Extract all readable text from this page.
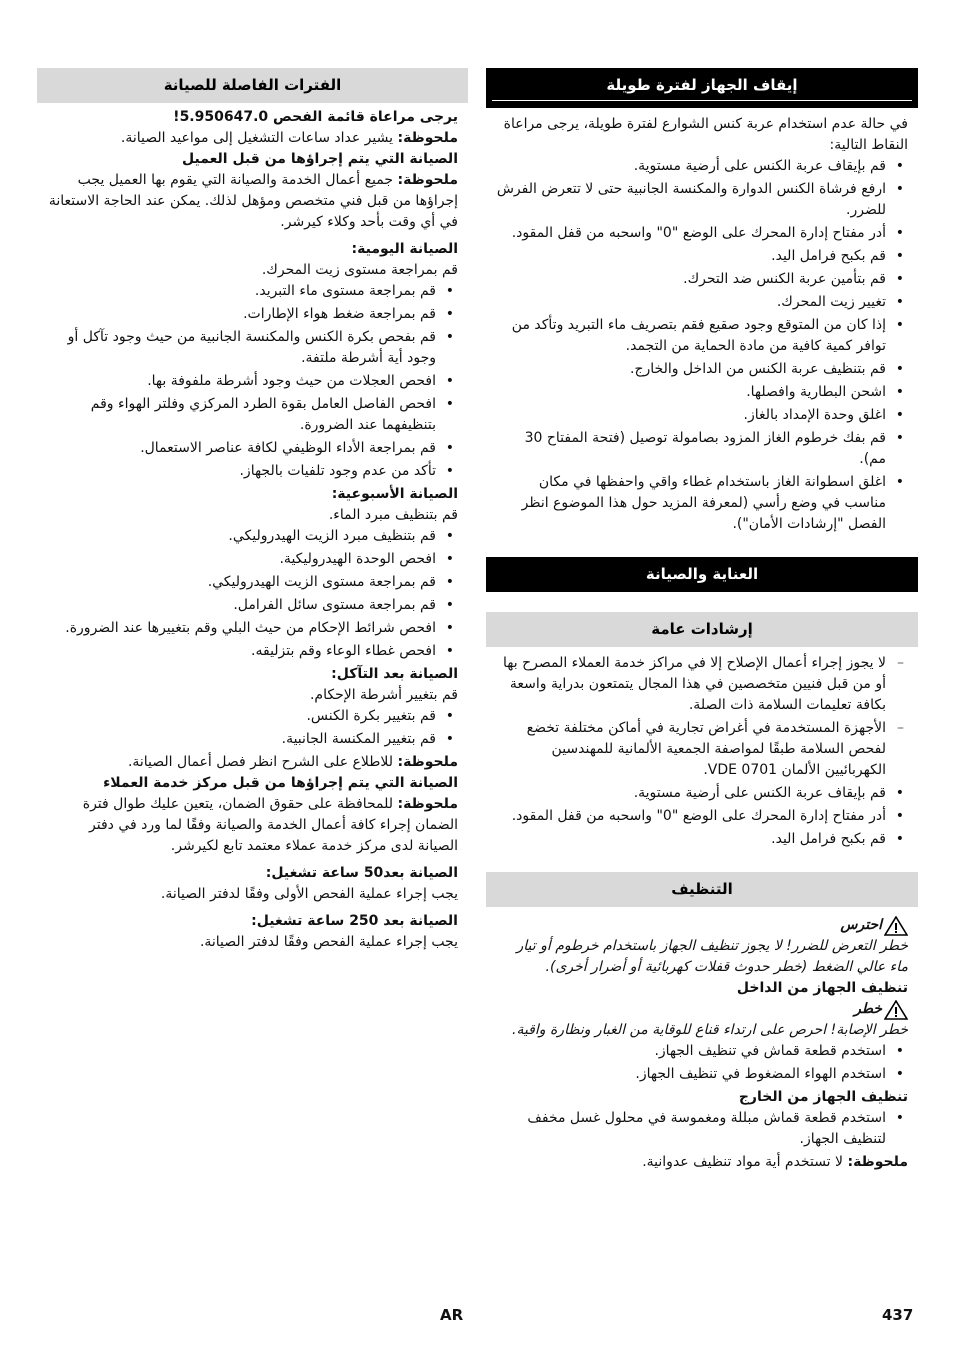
إيقاف الجهاز لفترة طويلة

في حالة عدم استخدام عربة كنس الشوارع لفترة طويلة، يرجى مراعاة النقاط التالية:

• قم بإيقاف عربة الكنس على أرضية مستوية.
• ارفع فرشاة الكنس الدوارة والمكنسة الجانبية حتى لا تتعرض الفرش للضرر.
• أدر مفتاح إدارة المحرك على الوضع "0" واسحبه من قفل المقود.
• قم بكبح فرامل اليد.
• قم بتأمين عربة الكنس ضد التحرك.
• تغيير زيت المحرك.
• إذا كان من المتوقع وجود صقيع فقم بتصريف ماء التبريد وتأكد من توافر كمية كافية من مادة الحماية من التجمد.
• قم بتنظيف عربة الكنس من الداخل والخارج.
• اشحن البطارية وافصلها.
• اغلق وحدة الإمداد بالغاز.
• قم بفك خرطوم الغاز المزود بصامولة توصيل (فتحة المفتاح 30 مم).
• اغلق اسطوانة الغاز باستخدام غطاء واقي واحفظها في مكان مناسب في وضع رأسي (لمعرفة المزيد حول هذا الموضوع انظر الفصل "إرشادات الأمان").
العناية والصيانة
إرشادات عامة
– لا يجوز إجراء أعمال الإصلاح إلا في مراكز خدمة العملاء المصرح بها أو من قبل فنيين متخصصين في هذا المجال يتمتعون بدراية واسعة بكافة تعليمات السلامة ذات الصلة.
– الأجهزة المستخدمة في أغراض تجارية في أماكن مختلفة تخضع لفحص السلامة طبقًا لمواصفة الجمعية الألمانية للمهندسين الكهربائيين الألمان VDE 0701.
• قم بإيقاف عربة الكنس على أرضية مستوية.
• أدر مفتاح إدارة المحرك على الوضع "0" واسحبه من قفل المقود.
• قم بكبح فرامل اليد.
التنظيف
احترس

خطر التعرض للضرر! لا يجوز تنظيف الجهاز باستخدام خرطوم أو تيار ماء عالي الضغط (خطر حدوث قفلات كهربائية أو أضرار أخرى).

تنظيف الجهاز من الداخل

خطر

خطر الإصابة! احرص على ارتداء قناع للوقاية من الغبار ونظارة واقية.

• استخدم قطعة قماش في تنظيف الجهاز.
• استخدم الهواء المضغوط في تنظيف الجهاز.

تنظيف الجهاز من الخارج

• استخدم قطعة قماش مبللة ومغموسة في محلول غسل مخفف لتنظيف الجهاز.

ملحوظة: لا تستخدم أية مواد تنظيف عدوانية.

الفترات الفاصلة للصيانة

يرجى مراعاة قائمة الفحص 5.950647.0!

ملحوظة: يشير عداد ساعات التشغيل إلى مواعيد الصيانة.

الصيانة التي يتم إجراؤها من قبل العميل

ملحوظة: جميع أعمال الخدمة والصيانة التي يقوم بها العميل يجب إجراؤها من قبل فني متخصص ومؤهل لذلك. يمكن عند الحاجة الاستعانة في أي وقت بأحد وكلاء كيرشر.

الصيانة اليومية:

قم بمراجعة مستوى زيت المحرك.

• قم بمراجعة مستوى ماء التبريد.
• قم بمراجعة ضغط هواء الإطارات.
• قم بفحص بكرة الكنس والمكنسة الجانبية من حيث وجود تآكل أو وجود أية أشرطة ملتفة.
• افحص العجلات من حيث وجود أشرطة ملفوفة بها.
• افحص الفاصل العامل بقوة الطرد المركزي وفلتر الهواء وقم بتنظيفهما عند الضرورة.
• قم بمراجعة الأداء الوظيفي لكافة عناصر الاستعمال.
• تأكد من عدم وجود تلفيات بالجهاز.

الصيانة الأسبوعية:

قم بتنظيف مبرد الماء.

• قم بتنظيف مبرد الزيت الهيدروليكي.
• افحص الوحدة الهيدروليكية.
• قم بمراجعة مستوى الزيت الهيدروليكي.
• قم بمراجعة مستوى سائل الفرامل.
• افحص شرائط الإحكام من حيث البلي وقم بتغييرها عند الضرورة.
• افحص غطاء الوعاء وقم بتزليقه.

الصيانة بعد التآكل:

قم بتغيير أشرطة الإحكام.

• قم بتغيير بكرة الكنس.
• قم بتغيير المكنسة الجانبية.

ملحوظة: للاطلاع على الشرح انظر فصل أعمال الصيانة.

الصيانة التي يتم إجراؤها من قبل مركز خدمة العملاء

ملحوظة: للمحافظة على حقوق الضمان، يتعين عليك طوال فترة الضمان إجراء كافة أعمال الخدمة والصيانة وفقًا لما ورد في دفتر الصيانة لدى مركز خدمة عملاء معتمد تابع لكيرشر.

الصيانة بعد50 ساعة تشغيل:

يجب إجراء عملية الفحص الأولى وفقًا لدفتر الصيانة.

الصيانة بعد 250 ساعة تشغيل:

يجب إجراء عملية الفحص وفقًا لدفتر الصيانة.

AR	437
